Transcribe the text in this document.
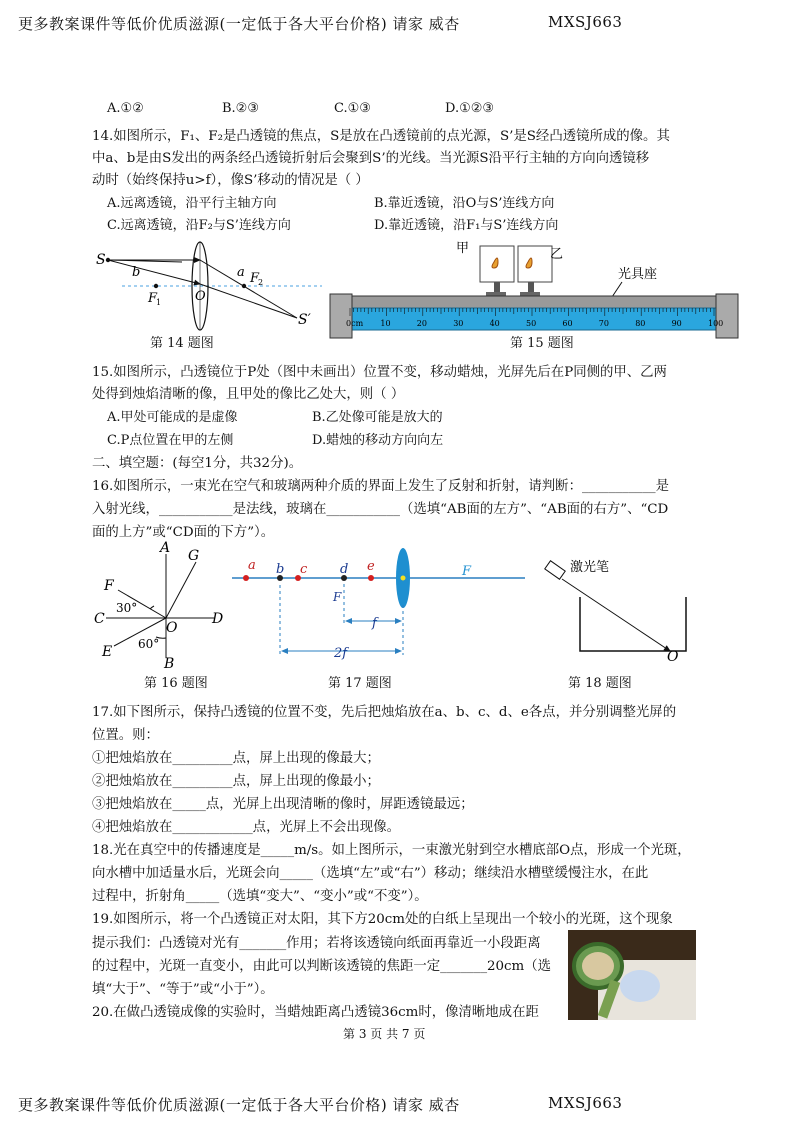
更多教案课件等低价优质滋源(一定低于各大平台价格) 请家 威杏	MXSJ663
A.①②	B.②③	C.①③	D.①②③
14.如图所示，F₁、F₂是凸透镜的焦点，S是放在凸透镜前的点光源，S’是S经凸透镜所成的像。其
中a、b是由S发出的两条经凸透镜折射后会聚到S’的光线。当光源S沿平行主轴的方向向透镜移
动时（始终保持u>f），像S’移动的情况是（ ）
A.远离透镜，沿平行主轴方向	B.靠近透镜，沿O与S’连线方向
C.远离透镜，沿F₂与S’连线方向	D.靠近透镜，沿F₁与S’连线方向
S
b	a
F
1
F
2
O
S′
第 14 题图
甲	乙
光具座
0cm 10	20	30	40	50	60	70	80	90	100
第 15 题图
15.如图所示，凸透镜位于P处（图中未画出）位置不变，移动蜡烛，光屏先后在P同侧的甲、乙两
处得到烛焰清晰的像，且甲处的像比乙处大，则（ ）
A.甲处可能成的是虚像	B.乙处像可能是放大的
C.P点位置在甲的左侧	D.蜡烛的移动方向向左
二、填空题：(每空1分，共32分)。
16.如图所示，一束光在空气和玻璃两种介质的界面上发生了反射和折射，请判断：___________是
入射光线，___________是法线，玻璃在___________（选填“AB面的左方”、“AB面的右方”、“CD
面的上方”或“CD面的下方”）。
A G
F
30°
C	D
O
60°
E
B
第 16 题图
a b c	d e	F
F
f
2f
第 17 题图
激光笔
O
第 18 题图
17.如下图所示，保持凸透镜的位置不变，先后把烛焰放在a、b、c、d、e各点，并分别调整光屏的
位置。则：
①把烛焰放在_________点，屏上出现的像最大；
②把烛焰放在_________点，屏上出现的像最小；
③把烛焰放在_____点，光屏上出现清晰的像时，屏距透镜最远；
④把烛焰放在____________点，光屏上不会出现像。
18.光在真空中的传播速度是_____m/s。如上图所示，一束激光射到空水槽底部O点，形成一个光斑，
向水槽中加适量水后，光斑会向_____（选填“左”或“右”）移动；继续沿水槽壁缓慢注水，在此
过程中，折射角_____（选填“变大”、“变小”或“不变”）。
19.如图所示，将一个凸透镜正对太阳，其下方20cm处的白纸上呈现出一个较小的光斑，这个现象
提示我们：凸透镜对光有_______作用；若将该透镜向纸面再靠近一小段距离
的过程中，光斑一直变小，由此可以判断该透镜的焦距一定_______20cm（选
填“大于”、“等于”或“小于”）。
20.在做凸透镜成像的实验时，当蜡烛距离凸透镜36cm时，像清晰地成在距
第 3 页 共 7 页
更多教案课件等低价优质滋源(一定低于各大平台价格) 请家 威杏	MXSJ663
